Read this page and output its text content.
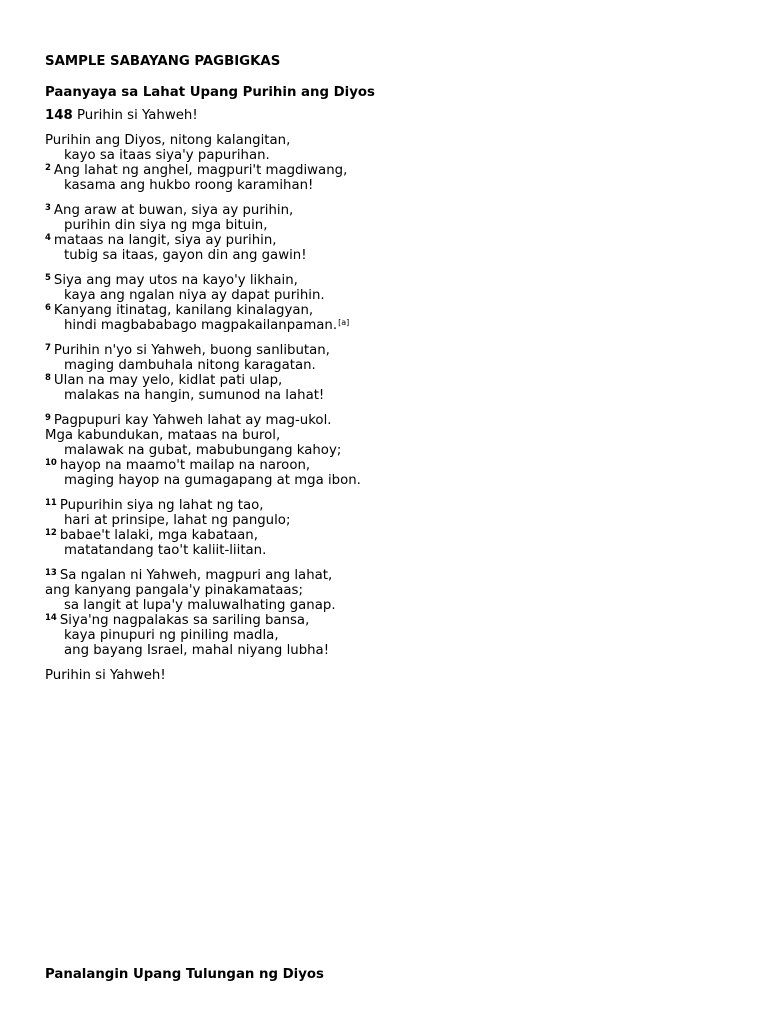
SAMPLE SABAYANG PAGBIGKAS
Paanyaya sa Lahat Upang Purihin ang Diyos
148 Purihin si Yahweh!
Purihin ang Diyos, nitong kalangitan,
kayo sa itaas siya'y papurihan.
$^2$ Ang lahat ng anghel, magpuri't magdiwang,
kasama ang hukbo roong karamihan!
$^3$ Ang araw at buwan, siya ay purihin,
purihin din siya ng mga bituin,
$^4$ mataas na langit, siya ay purihin,
tubig sa itaas, gayon din ang gawin!
$^5$ Siya ang may utos na kayo'y likhain,
kaya ang ngalan niya ay dapat purihin.
$^6$ Kanyang itinatag, kanilang kinalagyan,
hindi magbababago magpakailanpaman.[a]
$^7$ Purihin n'yo si Yahweh, buong sanlibutan,
maging dambuhala nitong karagatan.
$^8$ Ulan na may yelo, kidlat pati ulap,
malakas na hangin, sumunod na lahat!
$^9$ Pagpupuri kay Yahweh lahat ay mag-ukol.
Mga kabundukan, mataas na burol,
malawak na gubat, mabubungang kahoy;
$^{10}$ hayop na maamo't mailap na naroon,
maging hayop na gumagapang at mga ibon.
$^{11}$ Pupurihin siya ng lahat ng tao,
hari at prinsipe, lahat ng pangulo;
$^{12}$ babae't lalaki, mga kabataan,
matatandang tao't kaliit-liitan.
$^{13}$ Sa ngalan ni Yahweh, magpuri ang lahat,
ang kanyang pangala'y pinakamataas;
sa langit at lupa'y maluwalhating ganap.
$^{14}$ Siya'ng nagpalakas sa sariling bansa,
kaya pinupuri ng piniling madla,
ang bayang Israel, mahal niyang lubha!
Purihin si Yahweh!
Panalangin Upang Tulungan ng Diyos
